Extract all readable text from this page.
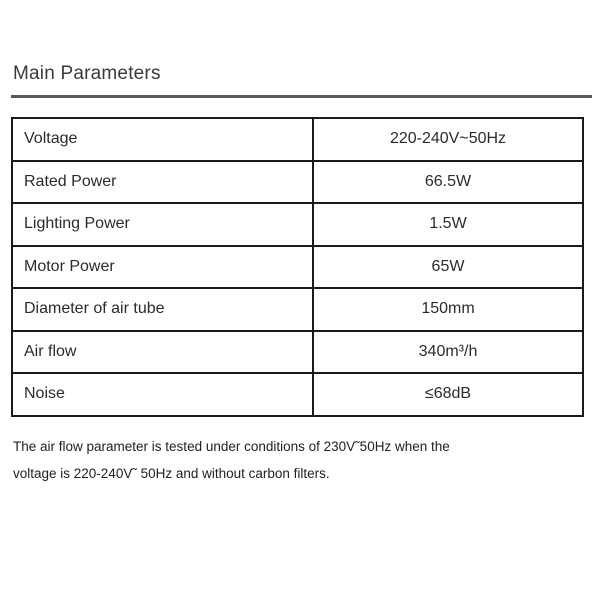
Main Parameters
Voltage	220-240V~50Hz
Rated Power	66.5W
Lighting Power	1.5W
Motor Power	65W
Diameter of air tube	150mm
Air flow	340m³/h
Noise	≤68dB

The air flow parameter is tested under conditions of 230V˜50Hz when the

voltage is 220-240V˜ 50Hz and without carbon filters.
